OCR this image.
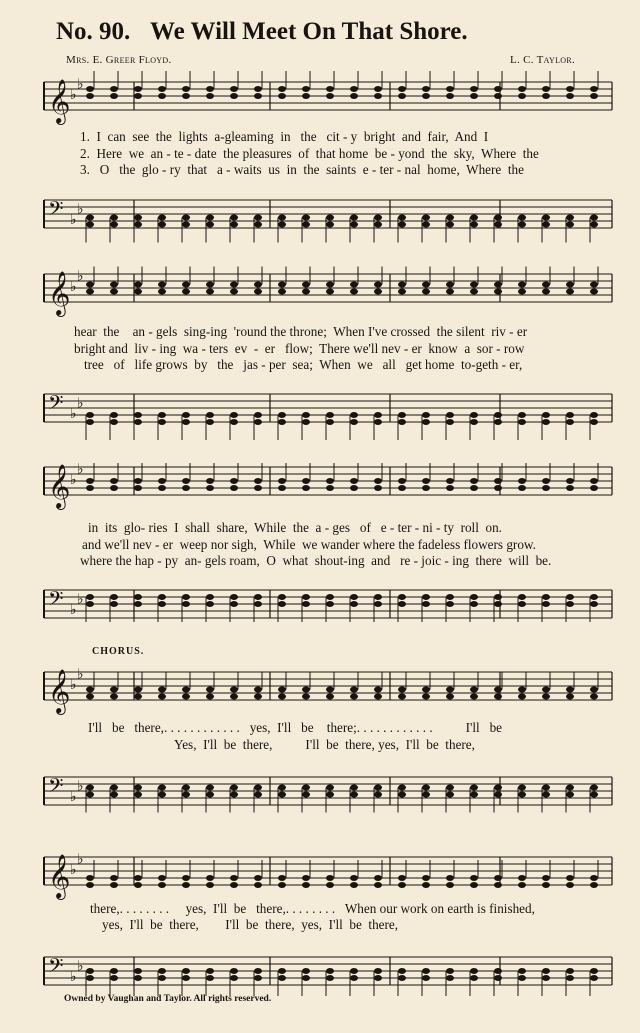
No. 90. We Will Meet On That Shore.
Mrs. E. Greer Floyd.	L. C. Taylor.
𝄞 ♭
♭
1.  I  can  see  the  lights  a-gleaming  in   the   cit - y  bright  and  fair,  And  I
2.  Here  we  an - te - date  the pleasures  of  that home  be - yond  the  sky,  Where  the
3.   O   the  glo - ry  that   a - waits  us  in  the  saints  e - ter - nal  home,  Where  the
𝄢 ♭
♭
𝄞 ♭
♭
hear  the    an - gels  sing-ing  'round the throne;  When I've crossed  the silent  riv - er
bright and  liv - ing  wa - ters  ev  -  er   flow;  There we'll nev - er  know  a  sor - row
tree   of   life grows  by   the   jas - per  sea;  When  we   all   get home  to-geth - er,
𝄢 ♭
♭
𝄞 ♭
♭
in  its  glo- ries  I  shall  share,  While  the  a - ges   of   e - ter - ni - ty  roll  on.
and we'll nev - er  weep nor sigh,  While  we wander where the fadeless flowers grow.
where the hap - py  an- gels roam,  O  what  shout-ing  and   re - joic - ing  there  will  be.
𝄢 ♭
♭
CHORUS.
𝄞 ♭
♭
I'll   be   there,. . . . . . . . . . . .   yes,  I'll   be    there;. . . . . . . . . . . .          I'll   be
Yes,  I'll  be  there,          I'll  be  there, yes,  I'll  be  there,
𝄢 ♭
♭
𝄞 ♭
♭
there,. . . . . . . .     yes,  I'll  be   there,. . . . . . . .   When our work on earth is finished,
yes,  I'll  be  there,        I'll  be  there,  yes,  I'll  be  there,
𝄢 ♭
♭
Owned by Vaughan and Taylor. All rights reserved.
